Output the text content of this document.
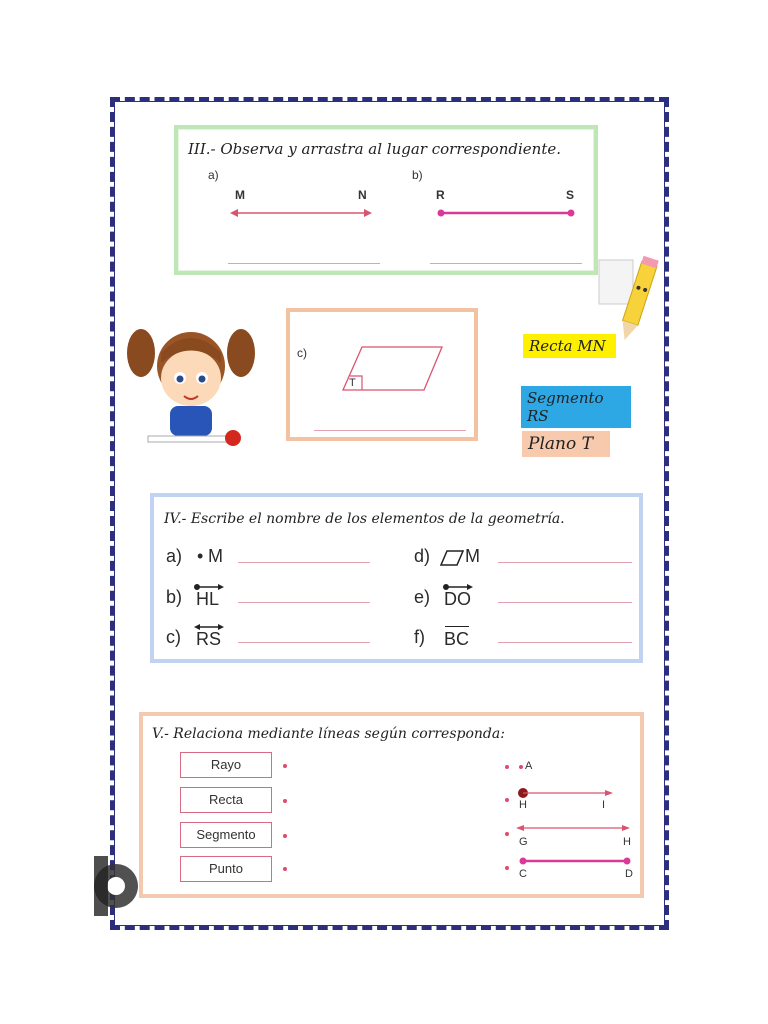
III.- Observa y arrastra al lugar correspondiente.
a)	b)
M	N	R	S
c)
T
Recta MN
Segmento RS
Plano T
IV.- Escribe el nombre de los elementos de la geometría.
a) • M
b) HL
c) RS
d) M
e) DO
f) BC
V.- Relaciona mediante líneas según corresponda:
Rayo
Recta
Segmento
Punto
A
H	I
G	H
C	D
